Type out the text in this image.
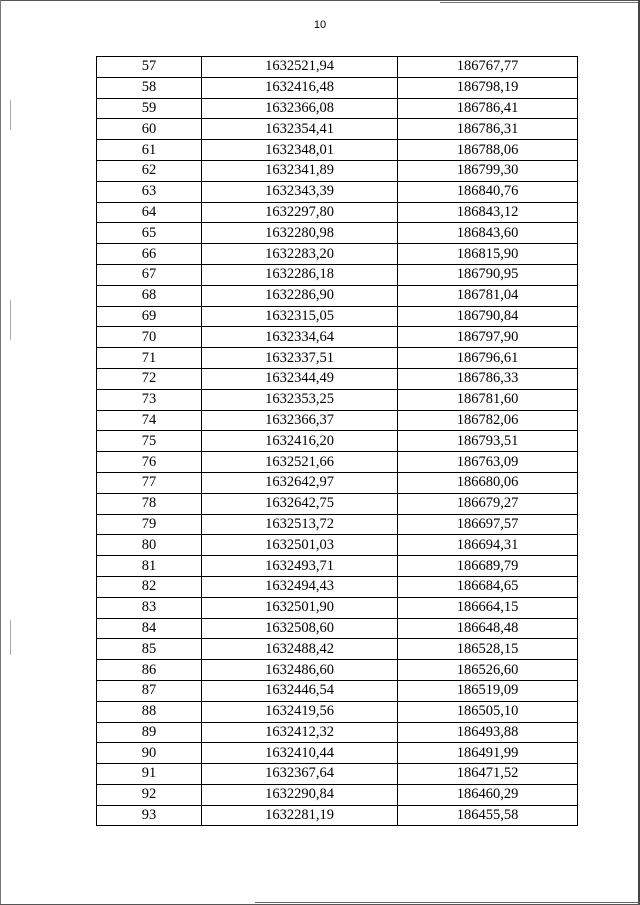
10
57	1632521,94	186767,77
58	1632416,48	186798,19
59	1632366,08	186786,41
60	1632354,41	186786,31
61	1632348,01	186788,06
62	1632341,89	186799,30
63	1632343,39	186840,76
64	1632297,80	186843,12
65	1632280,98	186843,60
66	1632283,20	186815,90
67	1632286,18	186790,95
68	1632286,90	186781,04
69	1632315,05	186790,84
70	1632334,64	186797,90
71	1632337,51	186796,61
72	1632344,49	186786,33
73	1632353,25	186781,60
74	1632366,37	186782,06
75	1632416,20	186793,51
76	1632521,66	186763,09
77	1632642,97	186680,06
78	1632642,75	186679,27
79	1632513,72	186697,57
80	1632501,03	186694,31
81	1632493,71	186689,79
82	1632494,43	186684,65
83	1632501,90	186664,15
84	1632508,60	186648,48
85	1632488,42	186528,15
86	1632486,60	186526,60
87	1632446,54	186519,09
88	1632419,56	186505,10
89	1632412,32	186493,88
90	1632410,44	186491,99
91	1632367,64	186471,52
92	1632290,84	186460,29
93	1632281,19	186455,58
